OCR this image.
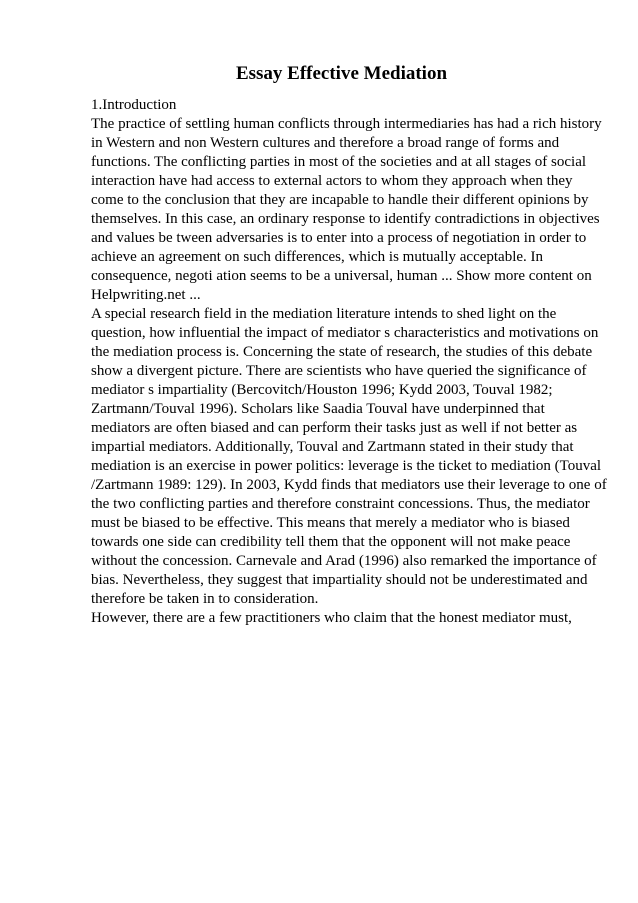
Essay Effective Mediation
1.Introduction
The practice of settling human conflicts through intermediaries has had a rich history
in Western and non Western cultures and therefore a broad range of forms and
functions. The conflicting parties in most of the societies and at all stages of social
interaction have had access to external actors to whom they approach when they
come to the conclusion that they are incapable to handle their different opinions by
themselves. In this case, an ordinary response to identify contradictions in objectives
and values be tween adversaries is to enter into a process of negotiation in order to
achieve an agreement on such differences, which is mutually acceptable. In
consequence, negoti ation seems to be a universal, human ... Show more content on
Helpwriting.net ...
A special research field in the mediation literature intends to shed light on the
question, how influential the impact of mediator s characteristics and motivations on
the mediation process is. Concerning the state of research, the studies of this debate
show a divergent picture. There are scientists who have queried the significance of
mediator s impartiality (Bercovitch/Houston 1996; Kydd 2003, Touval 1982;
Zartmann/Touval 1996). Scholars like Saadia Touval have underpinned that
mediators are often biased and can perform their tasks just as well if not better as
impartial mediators. Additionally, Touval and Zartmann stated in their study that
mediation is an exercise in power politics: leverage is the ticket to mediation (Touval
/Zartmann 1989: 129). In 2003, Kydd finds that mediators use their leverage to one of
the two conflicting parties and therefore constraint concessions. Thus, the mediator
must be biased to be effective. This means that merely a mediator who is biased
towards one side can credibility tell them that the opponent will not make peace
without the concession. Carnevale and Arad (1996) also remarked the importance of
bias. Nevertheless, they suggest that impartiality should not be underestimated and
therefore be taken in to consideration.
However, there are a few practitioners who claim that the honest mediator must,
